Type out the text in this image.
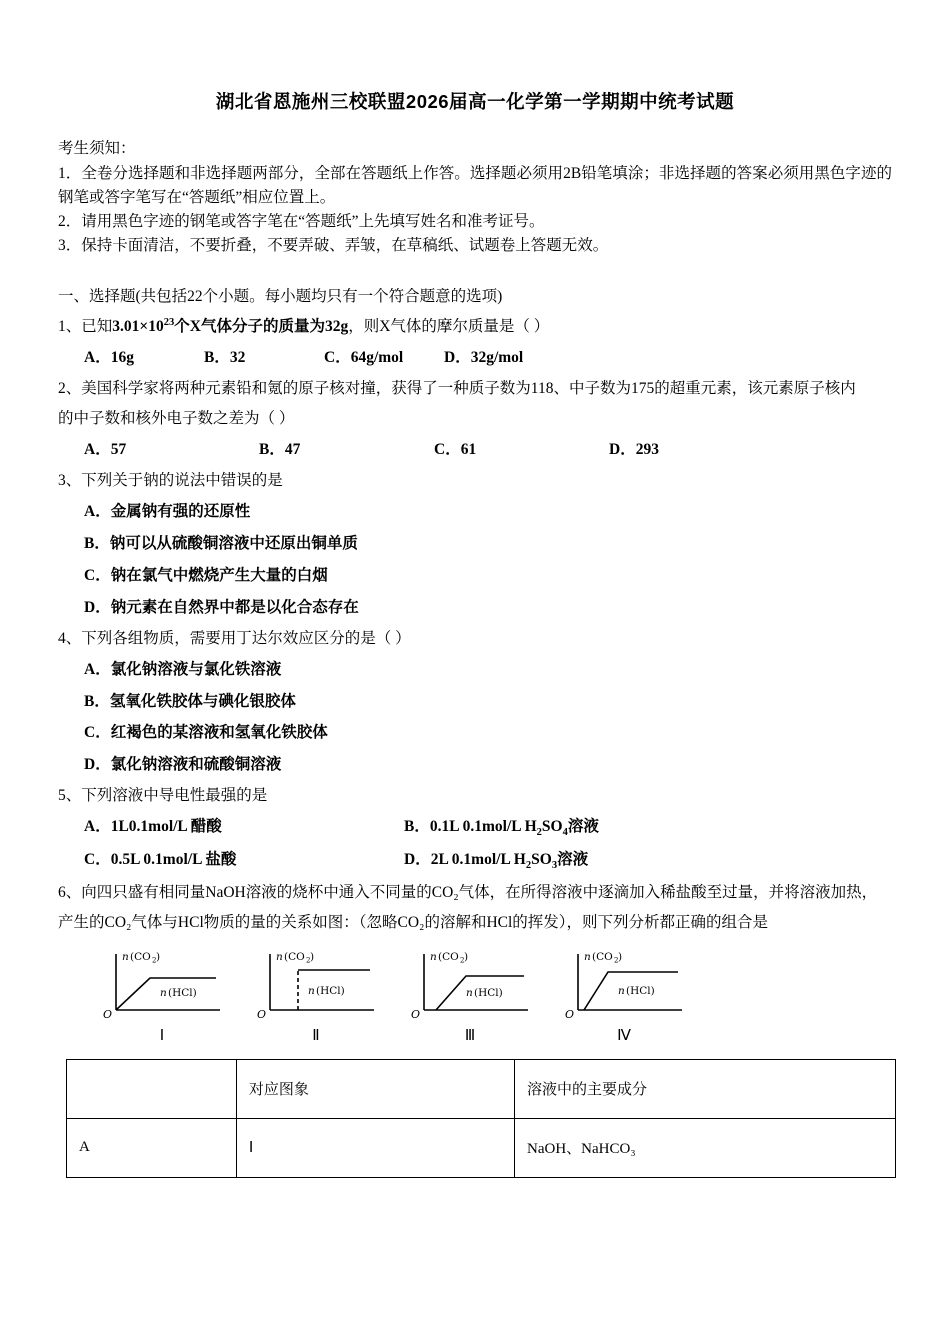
湖北省恩施州三校联盟2026届高一化学第一学期期中统考试题

考生须知：

1．全卷分选择题和非选择题两部分，全部在答题纸上作答。选择题必须用2B铅笔填涂；非选择题的答案必须用黑色字迹的钢笔或答字笔写在“答题纸”相应位置上。

2．请用黑色字迹的钢笔或答字笔在“答题纸”上先填写姓名和准考证号。

3．保持卡面清洁，不要折叠，不要弄破、弄皱，在草稿纸、试题卷上答题无效。

一、选择题(共包括22个小题。每小题均只有一个符合题意的选项)

1、已知$3.01\times 10^{23}$个X气体分子的质量为32g，则X气体的摩尔质量是（ ）

A．16g	B．32	C．64g/mol	D．32g/mol

2、美国科学家将两种元素铅和氪的原子核对撞，获得了一种质子数为118、中子数为175的超重元素，该元素原子核内

的中子数和核外电子数之差为（ ）

A．57	B．47	C．61	D．293

3、下列关于钠的说法中错误的是

A．金属钠有强的还原性

B．钠可以从硫酸铜溶液中还原出铜单质

C．钠在氯气中燃烧产生大量的白烟

D．钠元素在自然界中都是以化合态存在

4、下列各组物质，需要用丁达尔效应区分的是（ ）

A．氯化钠溶液与氯化铁溶液

B．氢氧化铁胶体与碘化银胶体

C．红褐色的某溶液和氢氧化铁胶体

D．氯化钠溶液和硫酸铜溶液

5、下列溶液中导电性最强的是

A．1L0.1mol/L 醋酸	B．0.1L 0.1mol/L $H_2SO_4$溶液
C．0.5L 0.1mol/L 盐酸	D．2L 0.1mol/L $H_2SO_3$溶液

6、向四只盛有相同量NaOH溶液的烧杯中通入不同量的CO₂气体，在所得溶液中逐滴加入稀盐酸至过量，并将溶液加热，

产生的CO₂气体与HCl物质的量的关系如图：（忽略CO₂的溶解和HCl的挥发），则下列分析都正确的组合是

n (CO 2 )
n (HCl)
O
Ⅰ
n (CO 2 )
n (HCl)
O
Ⅱ
n (CO 2 )
n (HCl)
O
Ⅲ
n (CO 2 )
n (HCl)
O
Ⅳ
	对应图象	溶液中的主要成分
A	Ⅰ	NaOH、NaHCO₃
